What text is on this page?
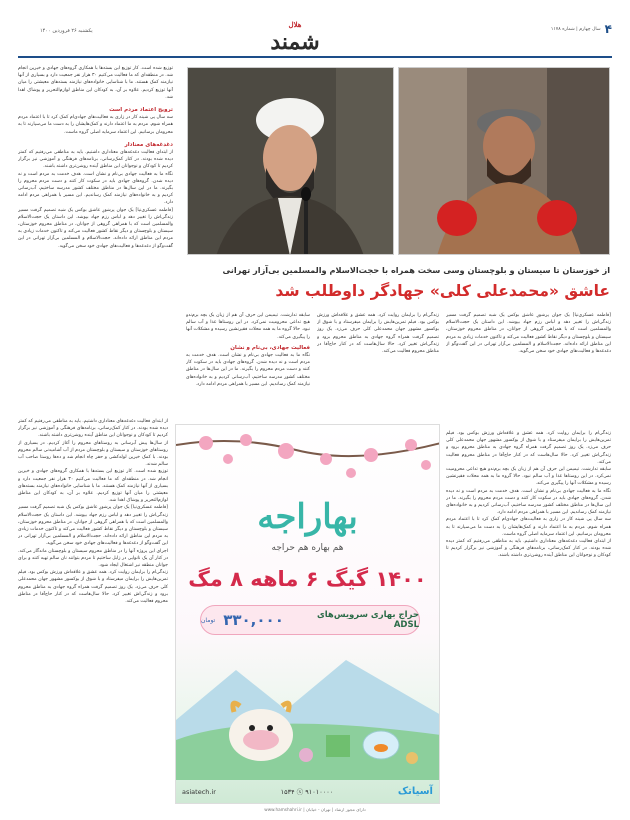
۴
سال چهارم | شماره ۱۱۷۸
هلال
شمند
یکشنبه ۲۶ فروردین ۱۴۰۰

توزیع شده است. کار توزیع این بسته‌ها با همکاری گروه‌های جهادی و خیرین انجام شد. در منطقه‌ای که ما فعالیت می‌کنیم ۳۰ هزار نفر جمعیت دارد و بسیاری از آنها نیازمند کمک هستند. ما با شناسایی خانواده‌های نیازمند بسته‌های معیشتی را میان آنها توزیع کردیم. علاوه بر آن، به کودکان این مناطق لوازم‌التحریر و پوشاک اهدا شد.

ترویج اعتماد مردم است

سه سال پی شینه کار در زاری به فعالیت‌های جهادی‌ام کمک کرد تا با اعتماد مردم همراه شوم. مردم به ما اعتماد دارند و کمک‌هایشان را به دست ما می‌سپارند تا به محرومان برسانیم. این اعتماد سرمایه اصلی گروه ماست.

دغدغه‌های معنادار

از ابتدای فعالیت دغدغه‌های معناداری داشتیم. باید به مناطقی می‌رفتیم که کمتر دیده شده بودند. در کنار کمک‌رسانی، برنامه‌های فرهنگی و آموزشی نیز برگزار کردیم تا کودکان و نوجوانان این مناطق آینده روشن‌تری داشته باشند.

نگاه ما به فعالیت جهادی بی‌نام و نشان است. هدف خدمت به مردم است و نه دیده شدن. گروه‌های جهادی باید در سکوت کار کنند و دست مردم محروم را بگیرند. ما در این سال‌ها در مناطق مختلف کشور مدرسه ساختیم، آب‌رسانی کردیم و به خانواده‌های نیازمند کمک رساندیم. این مسیر با همراهی مردم ادامه دارد.

[فاطمه عسکری‌نیا] یک جوان پرشورِ عاشق بوکس یک شبه تصمیم گرفت مسیر زندگی‌اش را تغییر دهد و لباس رزم جهاد بپوشد. این داستان یک حجت‌الاسلام والمسلمین است که با همراهی گروهی از جوانان، در مناطق محروم خوزستان، سیستان و بلوچستان و دیگر نقاط کشور فعالیت می‌کند و تاکنون خدمات زیادی به مردم این مناطق ارائه داده‌اند. حجت‌الاسلام و المسلمین بی‌آزار تهرانی در این گفت‌وگو از دغدغه‌ها و فعالیت‌های جهادی خود سخن می‌گوید.

از ابتدای فعالیت دغدغه‌های معناداری داشتیم. باید به مناطقی می‌رفتیم که کمتر دیده شده بودند. در کنار کمک‌رسانی، برنامه‌های فرهنگی و آموزشی نیز برگزار کردیم تا کودکان و نوجوانان این مناطق آینده روشن‌تری داشته باشند.

از سال‌ها پیش آبرسانی به روستاهای محروم را آغاز کردیم. در بسیاری از روستاهای خوزستان و سیستان و بلوچستان مردم از آب آشامیدنی سالم محروم بودند. با کمک خیرین لوله‌کشی و حفر چاه انجام شد و ده‌ها روستا صاحب آب سالم شدند.

توزیع شده است. کار توزیع این بسته‌ها با همکاری گروه‌های جهادی و خیرین انجام شد. در منطقه‌ای که ما فعالیت می‌کنیم ۳۰ هزار نفر جمعیت دارد و بسیاری از آنها نیازمند کمک هستند. ما با شناسایی خانواده‌های نیازمند بسته‌های معیشتی را میان آنها توزیع کردیم. علاوه بر آن، به کودکان این مناطق لوازم‌التحریر و پوشاک اهدا شد.

[فاطمه عسکری‌نیا] یک جوان پرشورِ عاشق بوکس یک شبه تصمیم گرفت مسیر زندگی‌اش را تغییر دهد و لباس رزم جهاد بپوشد. این داستان یک حجت‌الاسلام والمسلمین است که با همراهی گروهی از جوانان، در مناطق محروم خوزستان، سیستان و بلوچستان و دیگر نقاط کشور فعالیت می‌کند و تاکنون خدمات زیادی به مردم این مناطق ارائه داده‌اند. حجت‌الاسلام و المسلمین بی‌آزار تهرانی در این گفت‌وگو از دغدغه‌ها و فعالیت‌های جهادی خود سخن می‌گوید.

اجرای این پروژه آنها را در مناطق محروم سیستان و بلوچستان ماندگار می‌کند. در کنار آن یک نانوایی در زابل ساختیم تا مردم بتوانند نان سالم تهیه کنند و برای جوانان منطقه نیز اشتغال ایجاد شود.

زندگی‌ام را برایمان روایت کرد. همه عشق و علاقه‌اش ورزش بوکس بود. فیلم تمرین‌هایش را برایمان میفرستاد و با شوق از بوکسور مشهور جهان محمدعلی کلی حرف می‌زد. یک روز تصمیم گرفت همراه گروه جهادی به مناطق محروم برود و زندگی‌اش تغییر کرد. حالا سال‌هاست که در کنار حاج‌آقا در مناطق محروم فعالیت می‌کند.

از خوزستان تا سیستان و بلوچستان وسی سخت همراه با حجت‌الاسلام والمسلمین بی‌آزار تهرانی
عاشق «محمدعلی کلی» جهادگر داوطلب شد

[فاطمه عسکری‌نیا] یک جوان پرشورِ عاشق بوکس یک شبه تصمیم گرفت مسیر زندگی‌اش را تغییر دهد و لباس رزم جهاد بپوشد. این داستان یک حجت‌الاسلام والمسلمین است که با همراهی گروهی از جوانان، در مناطق محروم خوزستان، سیستان و بلوچستان و دیگر نقاط کشور فعالیت می‌کند و تاکنون خدمات زیادی به مردم این مناطق ارائه داده‌اند. حجت‌الاسلام و المسلمین بی‌آزار تهرانی در این گفت‌وگو از دغدغه‌ها و فعالیت‌های جهادی خود سخن می‌گوید.

زندگی‌ام را برایمان روایت کرد. همه عشق و علاقه‌اش ورزش بوکس بود. فیلم تمرین‌هایش را برایمان میفرستاد و با شوق از بوکسور مشهور جهان محمدعلی کلی حرف می‌زد. یک روز تصمیم گرفت همراه گروه جهادی به مناطق محروم برود و زندگی‌اش تغییر کرد. حالا سال‌هاست که در کنار حاج‌آقا در مناطق محروم فعالیت می‌کند.

سابقه تدارشت. تیمیمن این حرف آن هم از زبان یک بچه برم‌ندو هیچ تداعی محرومیت نمی‌کرد. در این روستاها غذا و آب سالم نبود. حالا گروه ما به همه محلات فقیرنشین رسیده و مشکلات آنها را پیگیری می‌کند.

فعالیت جهادی، بی‌نام و نشان

نگاه ما به فعالیت جهادی بی‌نام و نشان است. هدف خدمت به مردم است و نه دیده شدن. گروه‌های جهادی باید در سکوت کار کنند و دست مردم محروم را بگیرند. ما در این سال‌ها در مناطق مختلف کشور مدرسه ساختیم، آب‌رسانی کردیم و به خانواده‌های نیازمند کمک رساندیم. این مسیر با همراهی مردم ادامه دارد.

بهاراجه
هم بهاره هم حراجه
۱۴۰۰ گیگ ۶ ماهه ۸ مگ
حراج بهاری سرویس‌های ADSL
۳۳۰,۰۰۰
تومان
asiatech.ir	۱۵۳۴ ⓧ ۹۱۰۱۰۰۰۰	آسیاتک

زندگی‌ام را برایمان روایت کرد. همه عشق و علاقه‌اش ورزش بوکس بود. فیلم تمرین‌هایش را برایمان میفرستاد و با شوق از بوکسور مشهور جهان محمدعلی کلی حرف می‌زد. یک روز تصمیم گرفت همراه گروه جهادی به مناطق محروم برود و زندگی‌اش تغییر کرد. حالا سال‌هاست که در کنار حاج‌آقا در مناطق محروم فعالیت می‌کند.

سابقه تدارشت. تیمیمن این حرف آن هم از زبان یک بچه برم‌ندو هیچ تداعی محرومیت نمی‌کرد. در این روستاها غذا و آب سالم نبود. حالا گروه ما به همه محلات فقیرنشین رسیده و مشکلات آنها را پیگیری می‌کند.

نگاه ما به فعالیت جهادی بی‌نام و نشان است. هدف خدمت به مردم است و نه دیده شدن. گروه‌های جهادی باید در سکوت کار کنند و دست مردم محروم را بگیرند. ما در این سال‌ها در مناطق مختلف کشور مدرسه ساختیم، آب‌رسانی کردیم و به خانواده‌های نیازمند کمک رساندیم. این مسیر با همراهی مردم ادامه دارد.

سه سال پی شینه کار در زاری به فعالیت‌های جهادی‌ام کمک کرد تا با اعتماد مردم همراه شوم. مردم به ما اعتماد دارند و کمک‌هایشان را به دست ما می‌سپارند تا به محرومان برسانیم. این اعتماد سرمایه اصلی گروه ماست.

از ابتدای فعالیت دغدغه‌های معناداری داشتیم. باید به مناطقی می‌رفتیم که کمتر دیده شده بودند. در کنار کمک‌رسانی، برنامه‌های فرهنگی و آموزشی نیز برگزار کردیم تا کودکان و نوجوانان این مناطق آینده روشن‌تری داشته باشند.

دارای مجوز ارشاد | تهران - خیابان | www.hamshahri.ir
